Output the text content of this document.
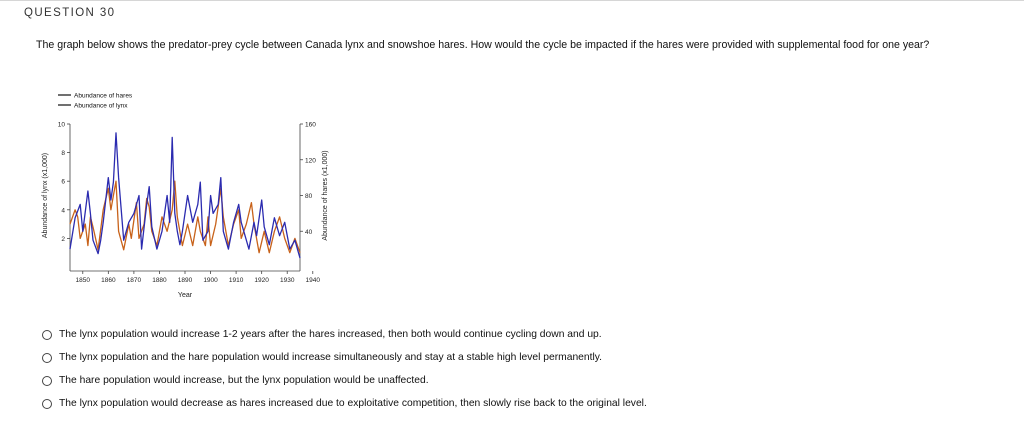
QUESTION 30
The graph below shows the predator-prey cycle between Canada lynx and snowshoe hares. How would the cycle be impacted if the hares were provided with supplemental food for one year?
Abundance of hares
Abundance of lynx
2
4
6
8
10
40
80
120
160
1850 1860 1870 1880 1890 1900 1910 1920 1930 1940
Year
Abundance of lynx (x1,000)	Abundance of hares (x1,000)
The lynx population would increase 1-2 years after the hares increased, then both would continue cycling down and up.
The lynx population and the hare population would increase simultaneously and stay at a stable high level permanently.
The hare population would increase, but the lynx population would be unaffected.
The lynx population would decrease as hares increased due to exploitative competition, then slowly rise back to the original level.
